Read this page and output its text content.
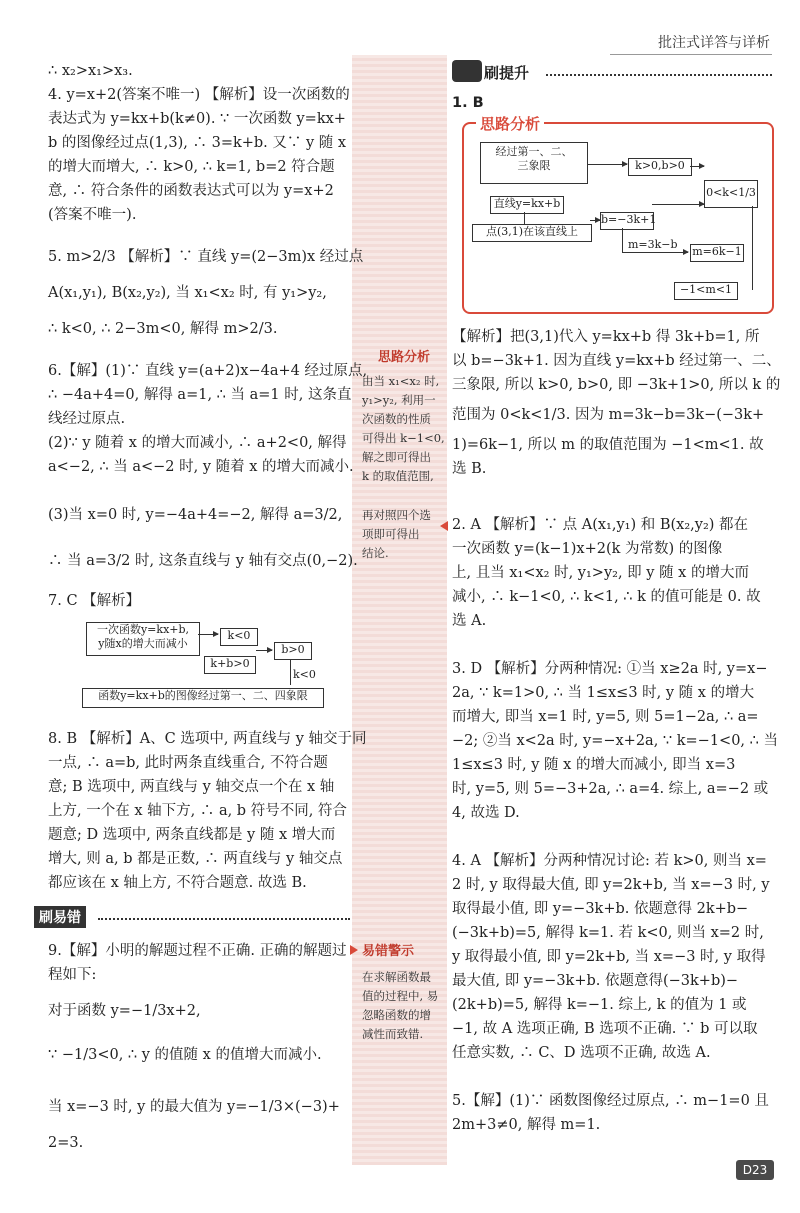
批注式详答与详析
∴ x₂>x₁>x₃.
4. y=x+2(答案不唯一) 【解析】设一次函数的
表达式为 y=kx+b(k≠0). ∵ 一次函数 y=kx+
b 的图像经过点(1,3), ∴ 3=k+b. 又∵ y 随 x
的增大而增大, ∴ k>0, ∴ k=1, b=2 符合题
意, ∴ 符合条件的函数表达式可以为 y=x+2
(答案不唯一).
5. m>2/3 【解析】∵ 直线 y=(2−3m)x 经过点
A(x₁,y₁), B(x₂,y₂), 当 x₁<x₂ 时, 有 y₁>y₂,
∴ k<0, ∴ 2−3m<0, 解得 m>2/3.
6.【解】(1)∵ 直线 y=(a+2)x−4a+4 经过原点,
∴ −4a+4=0, 解得 a=1, ∴ 当 a=1 时, 这条直
线经过原点.
(2)∵ y 随着 x 的增大而减小, ∴ a+2<0, 解得
a<−2, ∴ 当 a<−2 时, y 随着 x 的增大而减小.
(3)当 x=0 时, y=−4a+4=−2, 解得 a=3/2,
∴ 当 a=3/2 时, 这条直线与 y 轴有交点(0,−2).
7. C 【解析】
一次函数y=kx+b,
y随x的增大而减小
k<0
k+b>0
b>0
k<0
函数y=kx+b的图像经过第一、二、四象限
8. B 【解析】A、C 选项中, 两直线与 y 轴交于同
一点, ∴ a=b, 此时两条直线重合, 不符合题
意; B 选项中, 两直线与 y 轴交点一个在 x 轴
上方, 一个在 x 轴下方, ∴ a, b 符号不同, 符合
题意; D 选项中, 两条直线都是 y 随 x 增大而
增大, 则 a, b 都是正数, ∴ 两直线与 y 轴交点
都应该在 x 轴上方, 不符合题意. 故选 B.
刷易错
9.【解】小明的解题过程不正确. 正确的解题过
程如下:
对于函数 y=−1/3x+2,
∵ −1/3<0, ∴ y 的值随 x 的值增大而减小.
当 x=−3 时, y 的最大值为 y=−1/3×(−3)+
2=3.
思路分析
由当 x₁<x₂ 时,
y₁>y₂, 利用一
次函数的性质
可得出 k−1<0,
解之即可得出
k 的取值范围,
再对照四个选
项即可得出
结论.
易错警示
在求解函数最
值的过程中, 易
忽略函数的增
减性而致错.
刷提升
1. B
思路分析
经过第一、二、
三象限	k>0,b>0
0<k<1/3
直线y=kx+b
点(3,1)在该直线上
b=−3k+1
m=3k−b
m=6k−1
−1<m<1
【解析】把(3,1)代入 y=kx+b 得 3k+b=1, 所
以 b=−3k+1. 因为直线 y=kx+b 经过第一、二、
三象限, 所以 k>0, b>0, 即 −3k+1>0, 所以 k 的
范围为 0<k<1/3. 因为 m=3k−b=3k−(−3k+
1)=6k−1, 所以 m 的取值范围为 −1<m<1. 故
选 B.
2. A 【解析】∵ 点 A(x₁,y₁) 和 B(x₂,y₂) 都在
一次函数 y=(k−1)x+2(k 为常数) 的图像
上, 且当 x₁<x₂ 时, y₁>y₂, 即 y 随 x 的增大而
减小, ∴ k−1<0, ∴ k<1, ∴ k 的值可能是 0. 故
选 A.
3. D 【解析】分两种情况: ①当 x≥2a 时, y=x−
2a, ∵ k=1>0, ∴ 当 1≤x≤3 时, y 随 x 的增大
而增大, 即当 x=1 时, y=5, 则 5=1−2a, ∴ a=
−2; ②当 x<2a 时, y=−x+2a, ∵ k=−1<0, ∴ 当
1≤x≤3 时, y 随 x 的增大而减小, 即当 x=3
时, y=5, 则 5=−3+2a, ∴ a=4. 综上, a=−2 或
4, 故选 D.
4. A 【解析】分两种情况讨论: 若 k>0, 则当 x=
2 时, y 取得最大值, 即 y=2k+b, 当 x=−3 时, y
取得最小值, 即 y=−3k+b. 依题意得 2k+b−
(−3k+b)=5, 解得 k=1. 若 k<0, 则当 x=2 时,
y 取得最小值, 即 y=2k+b, 当 x=−3 时, y 取得
最大值, 即 y=−3k+b. 依题意得(−3k+b)−
(2k+b)=5, 解得 k=−1. 综上, k 的值为 1 或
−1, 故 A 选项正确, B 选项不正确. ∵ b 可以取
任意实数, ∴ C、D 选项不正确, 故选 A.
5.【解】(1)∵ 函数图像经过原点, ∴ m−1=0 且
2m+3≠0, 解得 m=1.
D23
